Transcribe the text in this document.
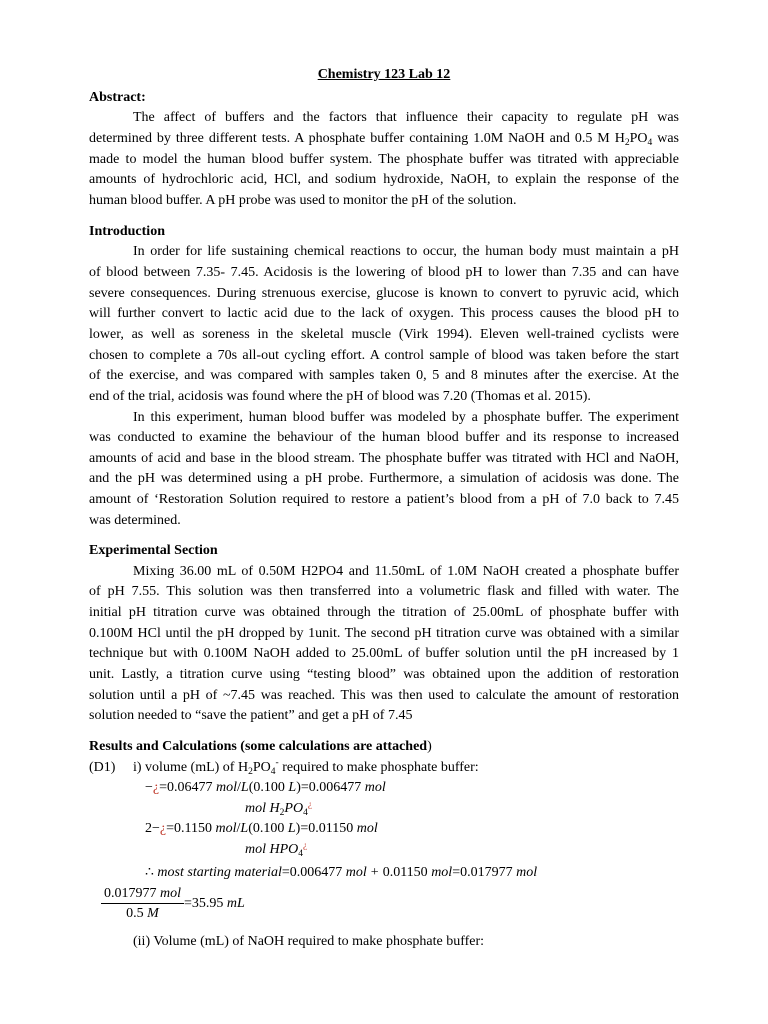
Chemistry 123 Lab 12
Abstract:
The affect of buffers and the factors that influence their capacity to regulate pH was
determined by three different tests. A phosphate buffer containing 1.0M NaOH and 0.5 M $H_2PO_4$ was
made to model the human blood buffer system. The phosphate buffer was titrated with appreciable
amounts of hydrochloric acid, HCl, and sodium hydroxide, NaOH, to explain the response of the
human blood buffer. A pH probe was used to monitor the pH of the solution.
Introduction
In order for life sustaining chemical reactions to occur, the human body must maintain a pH
of blood between 7.35- 7.45. Acidosis is the lowering of blood pH to lower than 7.35 and can have
severe consequences. During strenuous exercise, glucose is known to convert to pyruvic acid, which
will further convert to lactic acid due to the lack of oxygen. This process causes the blood pH to
lower, as well as soreness in the skeletal muscle (Virk 1994). Eleven well-trained cyclists were
chosen to complete a 70s all-out cycling effort. A control sample of blood was taken before the start
of the exercise, and was compared with samples taken 0, 5 and 8 minutes after the exercise. At the
end of the trial, acidosis was found where the pH of blood was 7.20 (Thomas et al. 2015).
In this experiment, human blood buffer was modeled by a phosphate buffer. The experiment
was conducted to examine the behaviour of the human blood buffer and its response to increased
amounts of acid and base in the blood stream. The phosphate buffer was titrated with HCl and NaOH,
and the pH was determined using a pH probe. Furthermore, a simulation of acidosis was done. The
amount of ‘Restoration Solution required to restore a patient’s blood from a pH of 7.0 back to 7.45
was determined.
Experimental Section
Mixing 36.00 mL of 0.50M H2PO4 and 11.50mL of 1.0M NaOH created a phosphate buffer
of pH 7.55. This solution was then transferred into a volumetric flask and filled with water. The
initial pH titration curve was obtained through the titration of 25.00mL of phosphate buffer with
0.100M HCl until the pH dropped by 1unit. The second pH titration curve was obtained with a similar
technique but with 0.100M NaOH added to 25.00mL of buffer solution until the pH increased by 1
unit. Lastly, a titration curve using “testing blood” was obtained upon the addition of restoration
solution until a pH of ~7.45 was reached. This was then used to calculate the amount of restoration
solution needed to “save the patient” and get a pH of 7.45
Results and Calculations (some calculations are attached)
(D1) i) volume (mL) of $H_2PO_4^-$ required to make phosphate buffer:
−¿=0.06477 mol/L(0.100 L)=0.006477 mol
mol $H_2PO_4^¿$
2−¿=0.1150 mol/L(0.100 L)=0.01150 mol
mol $HPO_4^¿$
∴ most starting material=0.006477 mol + 0.01150 mol=0.017977 mol
$\frac{\text{0.017977 mol}}{0.5 M} =35.95$ mL
(ii) Volume (mL) of NaOH required to make phosphate buffer:
